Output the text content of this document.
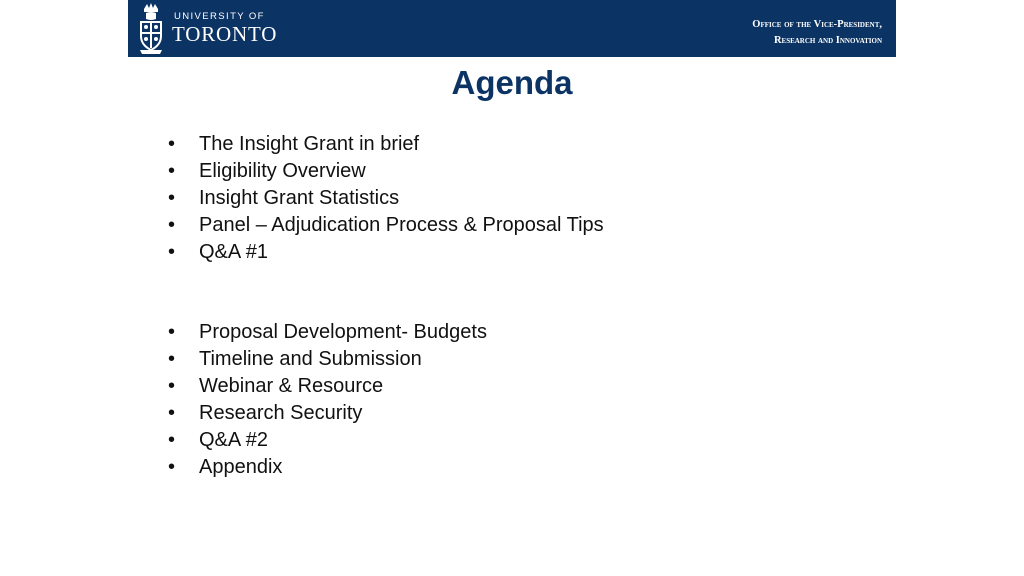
UNIVERSITY OF
TORONTO	Office of the Vice-President,
Research and Innovation
Agenda
• The Insight Grant in brief
• Eligibility Overview
• Insight Grant Statistics
• Panel – Adjudication Process & Proposal Tips
• Q&A #1
• Proposal Development- Budgets
• Timeline and Submission
• Webinar & Resource
• Research Security
• Q&A #2
• Appendix
